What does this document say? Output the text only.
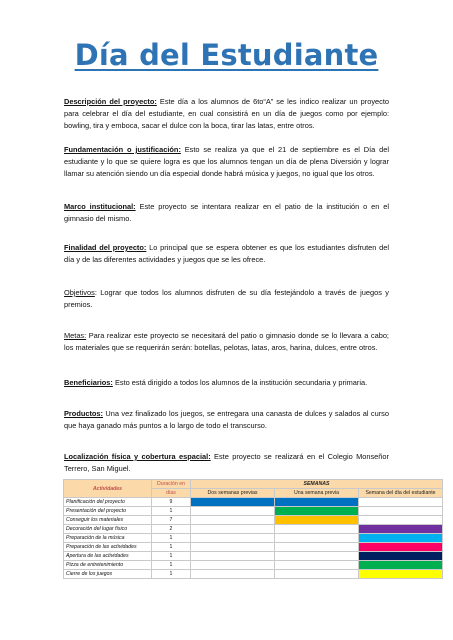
Día del Estudiante

Descripción del proyecto: Este día a los alumnos de 6to“A” se les indico realizar un proyecto para celebrar el día del estudiante, en cual consistirá en un día de juegos como por ejemplo: bowling, tira y emboca, sacar el dulce con la boca, tirar las latas, entre otros.

Fundamentación o justificación: Esto se realiza ya que el 21 de septiembre es el Día del estudiante y lo que se quiere logra es que los alumnos tengan un día de plena Diversión y lograr llamar su atención siendo un día especial donde habrá música y juegos, no igual que los otros.

Marco institucional: Este proyecto se intentara realizar en el patio de la institución o en el gimnasio del mismo.

Finalidad del proyecto: Lo principal que se espera obtener es que los estudiantes disfruten del día y de las diferentes actividades y juegos que se les ofrece.

Objetivos: Lograr que todos los alumnos disfruten de su día festejándolo a través de juegos y premios.

Metas: Para realizar este proyecto se necesitará del patio o gimnasio donde se lo llevara a cabo; los materiales que se requerirán serán: botellas, pelotas, latas, aros, harina, dulces, entre otros.

Beneficiarios: Esto está dirigido a todos los alumnos de la institución secundaria y primaria.

Productos: Una vez finalizado los juegos, se entregara una canasta de dulces y salados al curso que haya ganado más puntos a lo largo de todo el transcurso.

Localización física y cobertura espacial: Este proyecto se realizará en el Colegio Monseñor Terrero, San Miguel.

Actividades	Duración en	SEMANAS		
	días	Dos semanas previas	Una semana previa	Semana del día del estudiante
Planificación del proyecto	9			
Presentación del proyecto	1			
Conseguir los materiales	7			
Decoración del lugar físico	2			
Preparación de la música	1			
Preparación de las actividades	1			
Apertura de las actividades	1			
Pizza de entretenimiento	1			
Cierre de los juegos	1			
